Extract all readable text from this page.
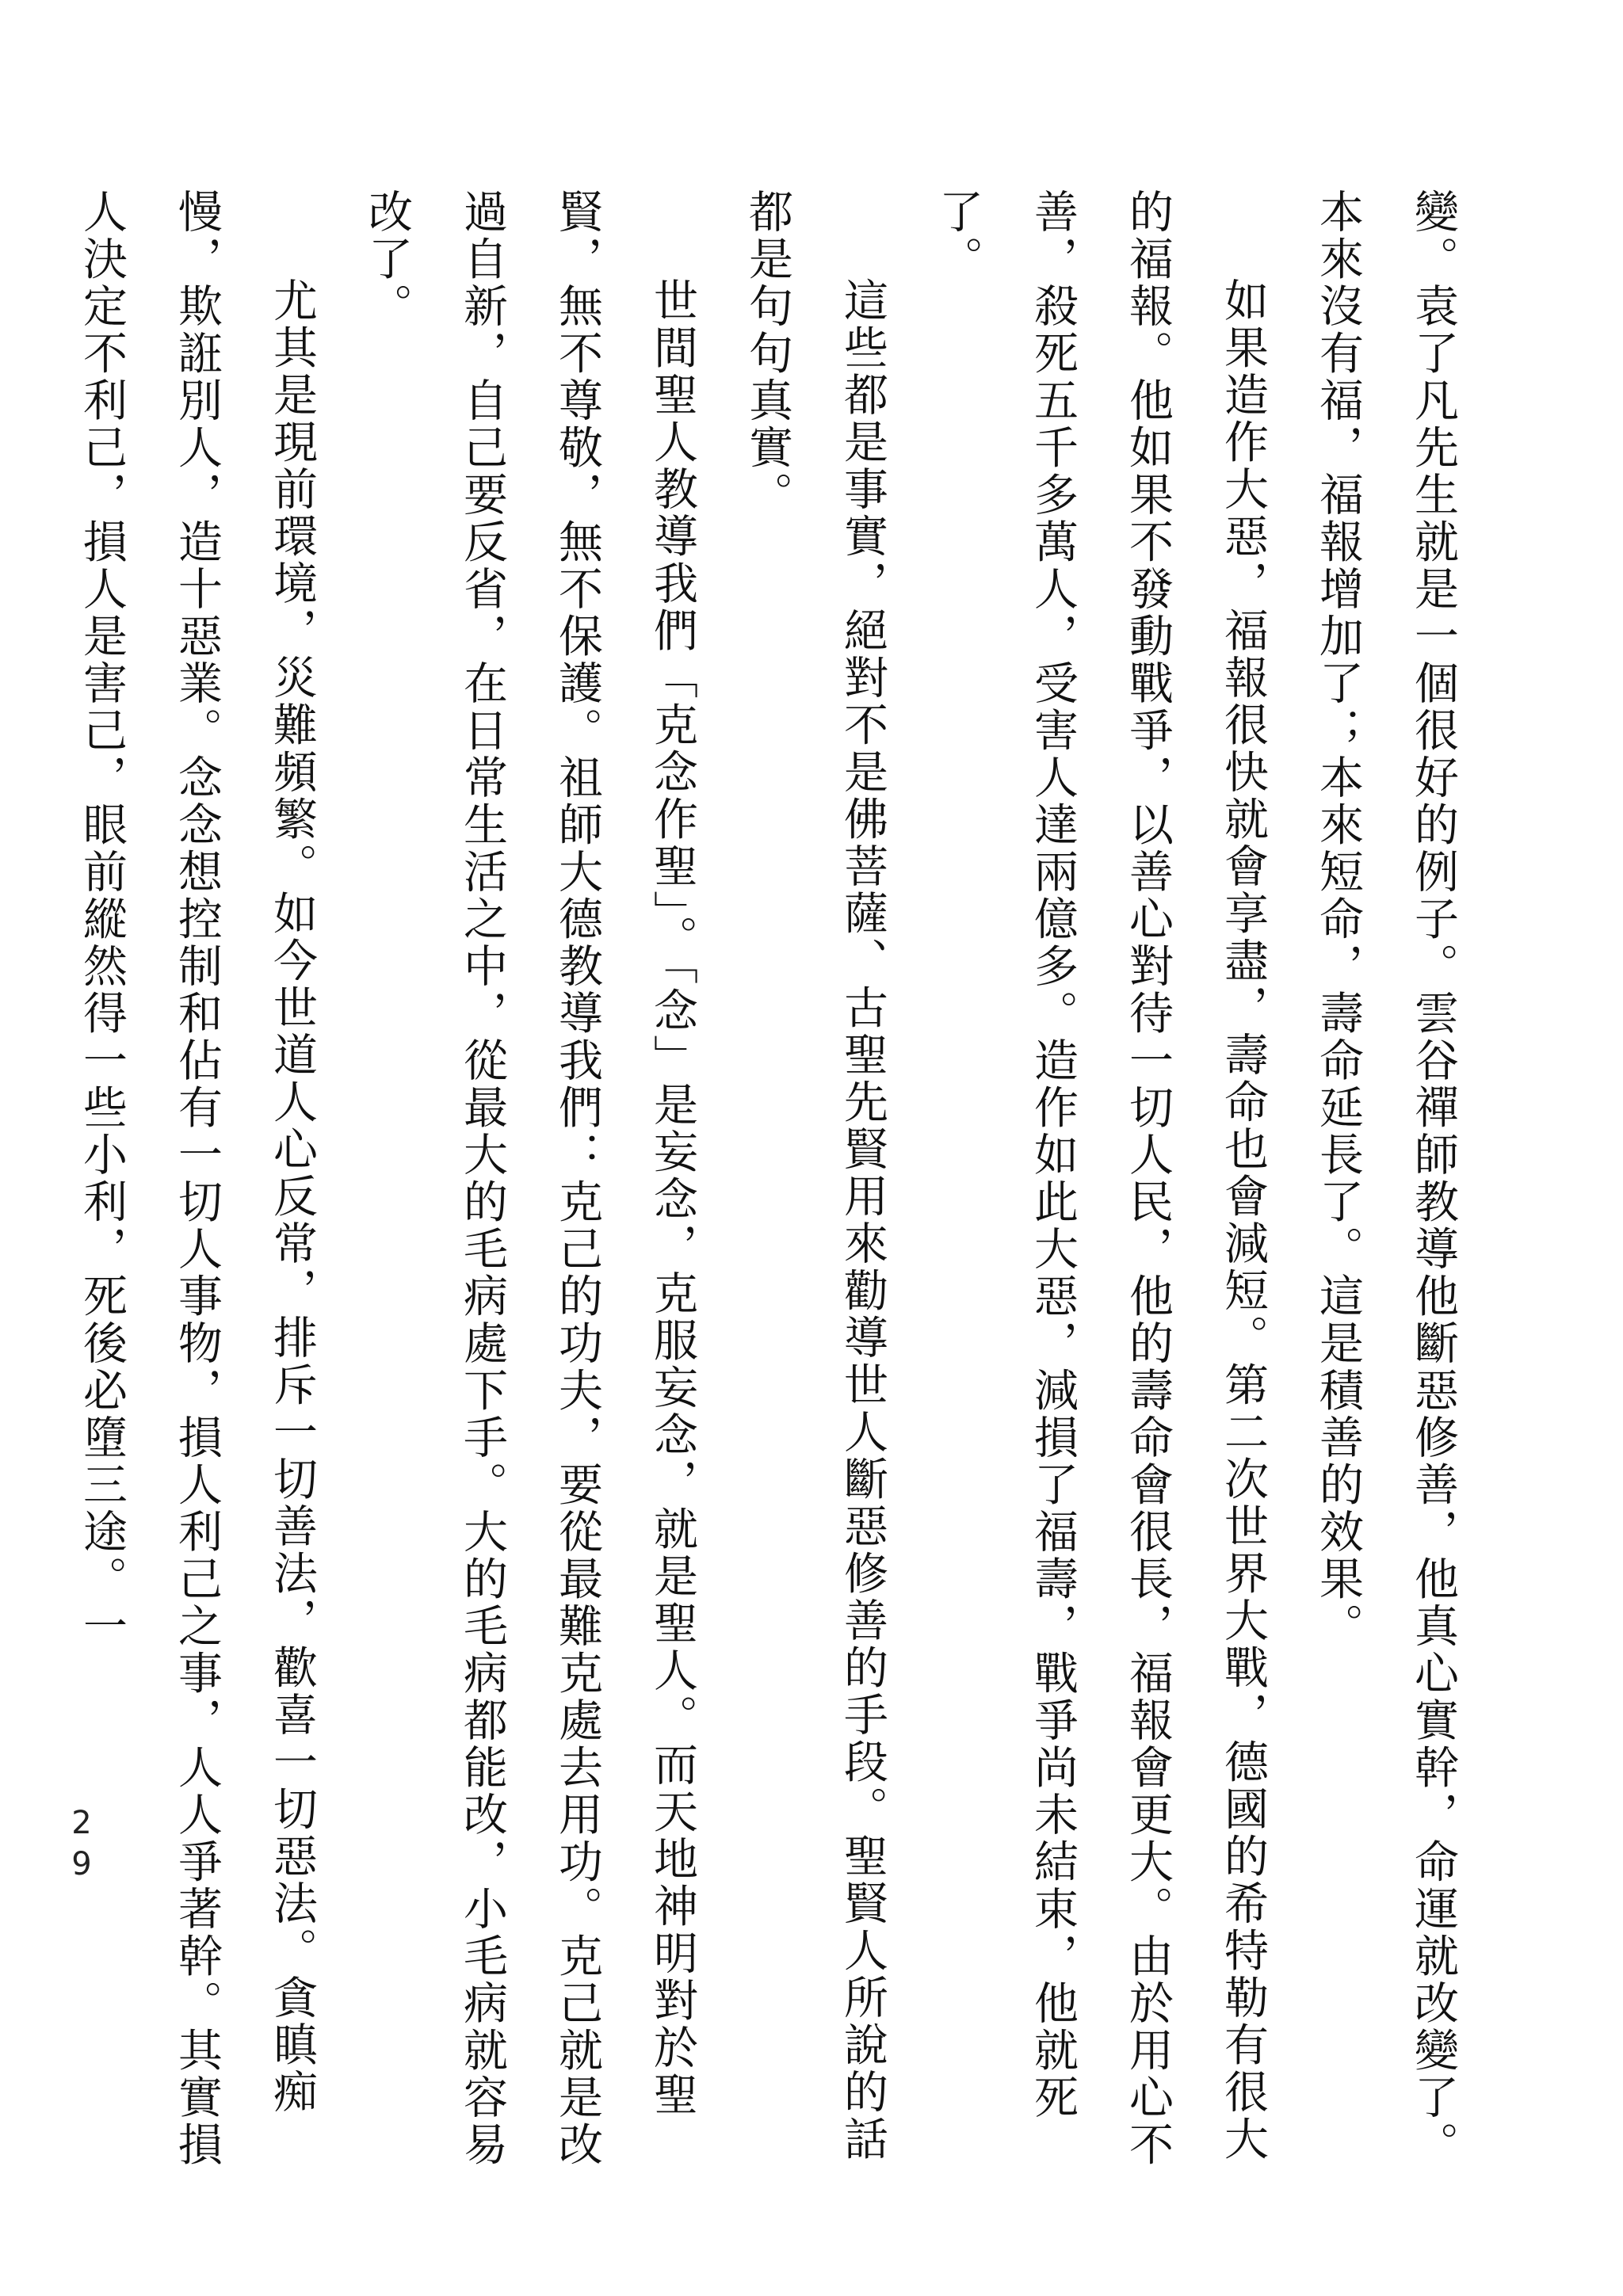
變。袁了凡先生就是一個很好的例子。雲谷禪師教導他斷惡修善，他真心實幹，命運就改變了。本來沒有福，福報增加了；本來短命，壽命延長了。這是積善的效果。

如果造作大惡，福報很快就會享盡，壽命也會減短。第二次世界大戰，德國的希特勒有很大的福報。他如果不發動戰爭，以善心對待一切人民，他的壽命會很長，福報會更大。由於用心不善，殺死五千多萬人，受害人達兩億多。造作如此大惡，減損了福壽，戰爭尚未結束，他就死了。

這些都是事實，絕對不是佛菩薩、古聖先賢用來勸導世人斷惡修善的手段。聖賢人所說的話都是句句真實。

世間聖人教導我們「克念作聖」。「念」是妄念，克服妄念，就是聖人。而天地神明對於聖賢，無不尊敬，無不保護。祖師大德教導我們：克己的功夫，要從最難克處去用功。克己就是改過自新，自己要反省，在日常生活之中，從最大的毛病處下手。大的毛病都能改，小毛病就容易改了。

尤其是現前環境，災難頻繁。如今世道人心反常，排斥一切善法，歡喜一切惡法。貪瞋痴慢，欺誑別人，造十惡業。念念想控制和佔有一切人事物，損人利己之事，人人爭著幹。其實損人決定不利己，損人是害己，眼前縱然得一些小利，死後必墮三途。一

29
